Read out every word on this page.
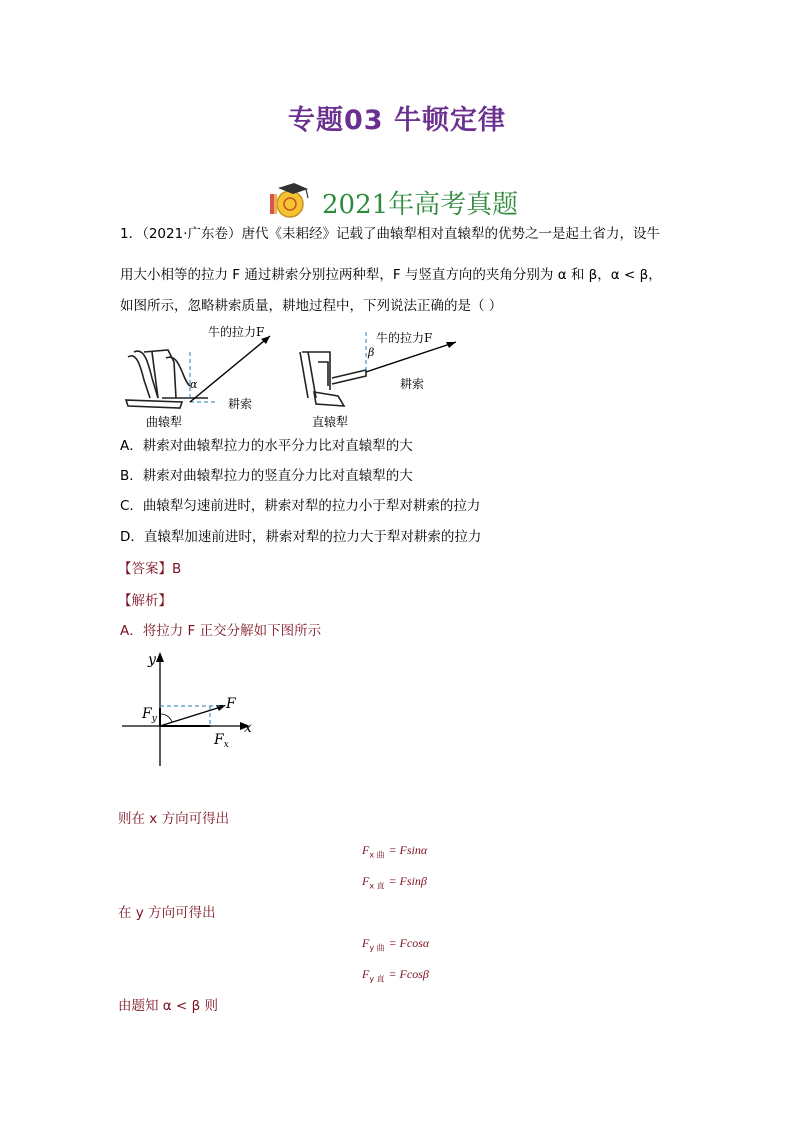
专题03 牛顿定律
2021年高考真题
1．（2021·广东卷）唐代《耒耜经》记载了曲辕犁相对直辕犁的优势之一是起土省力，设牛
用大小相等的拉力 F 通过耕索分别拉两种犁，F 与竖直方向的夹角分别为 α 和 β，α < β，
如图所示，忽略耕索质量，耕地过程中，下列说法正确的是（ ）
牛的拉力F
α
耕索
曲辕犁
牛的拉力F
β
耕索
直辕犁
A．耕索对曲辕犁拉力的水平分力比对直辕犁的大
B．耕索对曲辕犁拉力的竖直分力比对直辕犁的大
C．曲辕犁匀速前进时，耕索对犁的拉力小于犁对耕索的拉力
D．直辕犁加速前进时，耕索对犁的拉力大于犁对耕索的拉力
【答案】B
【解析】
A．将拉力 F 正交分解如下图所示
y
x
F
$F_y$
$F_x$
则在 x 方向可得出
$F_{x 曲} = Fsin\alpha$
$F_{x 直} = Fsin\beta$
在 y 方向可得出
$F_{y 曲} = Fcos\alpha$
$F_{y 直} = Fcos\beta$
由题知 α < β 则
